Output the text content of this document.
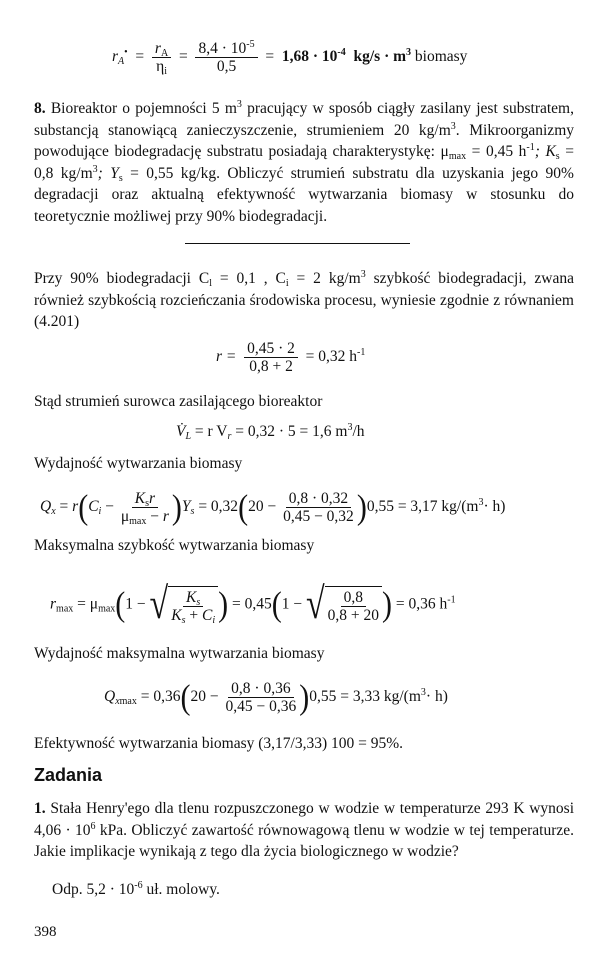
$r_A^• = \frac{r_A}{\eta_i} = \frac{8,4 \cdot 10^{-5}}{0,5} = 1,68 \cdot 10^{-4}$ $kg/s \cdot m^3$ biomasy

8. Bioreaktor o pojemności 5 $m^3$ pracujący w sposób ciągły zasilany jest substratem, substancją stanowiącą zanieczyszczenie, strumieniem 20 $kg/m^3$. Mikroorganizmy powodujące biodegradację substratu posiadają charakterystykę: $\mu_{max} = 0,45$ $h^{-1}$; $K_s = 0,8$ $kg/m^3$; $Y_s = 0,55$ kg/kg. Obliczyć strumień substratu dla uzyskania jego 90% degradacji oraz aktualną efektywność wytwarzania biomasy w stosunku do teoretycznie możliwej przy 90% biodegradacji.

Przy 90% biodegradacji $C_l = 0,1$ , $C_i = 2$ $kg/m^3$ szybkość biodegradacji, zwana również szybkością rozcieńczania środowiska procesu, wyniesie zgodnie z równaniem (4.201)

$r = \frac{0,45 \cdot 2}{0,8 + 2} = 0,32$ $h^{-1}$
Stąd strumień surowca zasilającego bioreaktor
$V̇_L = r$ $V_r = 0,32 \cdot 5 = 1,6$ $m^3/h$
Wydajność wytwarzania biomasy
$Q_x = r(C_i - \frac{K_sr}{\mu_{max} - r} )Y_s = 0,32(20 - \frac{0,8 \cdot 0,32}{0,45 - 0,32} )0,55 = 3,17$ $kg/(m^3\cdot h)$
Maksymalna szybkość wytwarzania biomasy
$r_{max} = \mu_{max}(1$ − √ $\frac{K_s}{K_s + C_i}$ ) = 0,45(1 − √ $\frac{0,8}{0,8 + 20}$ ) = 0,36 $h^{-1}$
Wydajność maksymalna wytwarzania biomasy
$Q_{xmax} = 0,36(20 - \frac{0,8 \cdot 0,36}{0,45 - 0,36} )0,55 = 3,33$ $kg/(m^3\cdot h)$
Efektywność wytwarzania biomasy (3,17/3,33) 100 = 95%.
Zadania

1. Stała Henry'ego dla tlenu rozpuszczonego w wodzie w temperaturze 293 K wynosi $4,06 \cdot 10^6$ kPa. Obliczyć zawartość równowagową tlenu w wodzie w tej temperaturze. Jakie implikacje wynikają z tego dla życia biologicznego w wodzie?

Odp. $5,2 \cdot 10^{-6}$ uł. molowy.
398
